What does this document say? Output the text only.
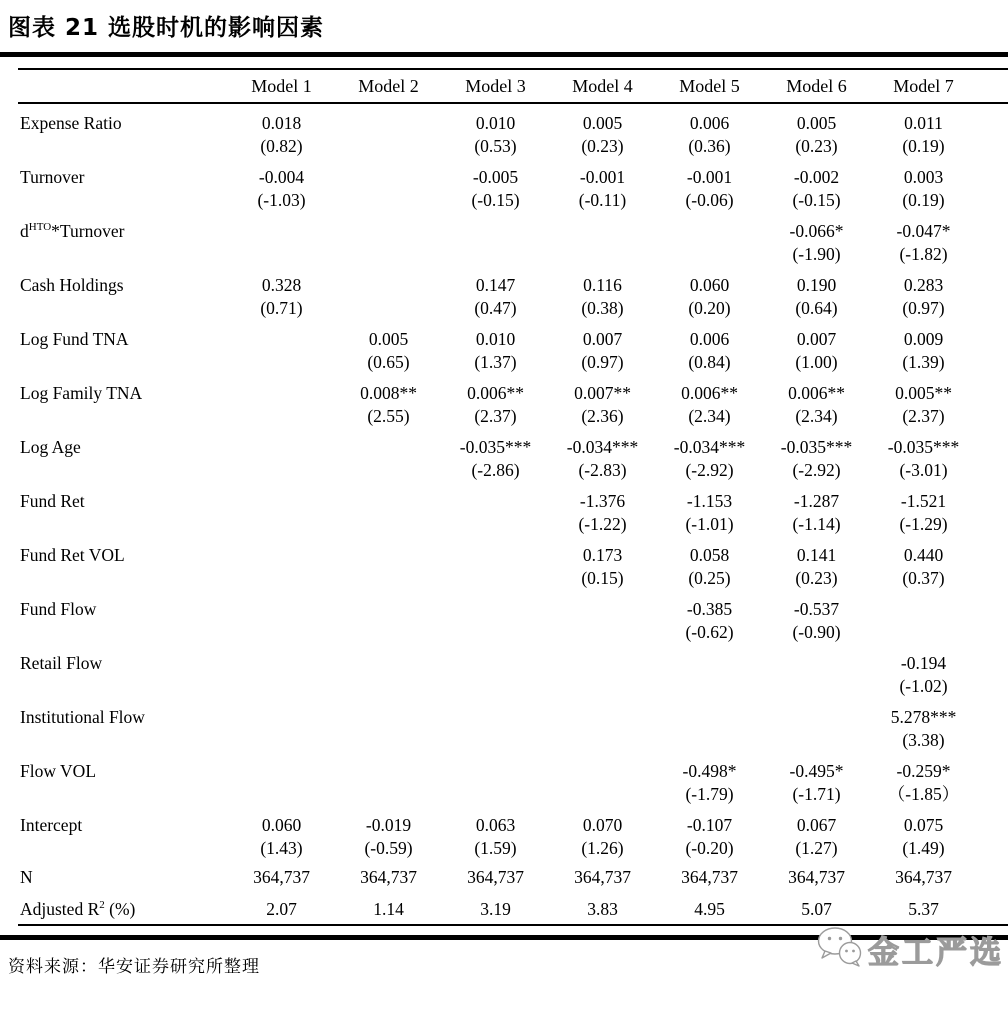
图表 21 选股时机的影响因素
	Model 1	Model 2	Model 3	Model 4	Model 5	Model 6	Model 7	
Expense Ratio	0.018		0.010	0.005	0.006	0.005	0.011	
	(0.82)		(0.53)	(0.23)	(0.36)	(0.23)	(0.19)	
Turnover	-0.004		-0.005	-0.001	-0.001	-0.002	0.003	
	(-1.03)		(-0.15)	(-0.11)	(-0.06)	(-0.15)	(0.19)	
$d^{HTO}*Turnover$						-0.066*	-0.047*	
						(-1.90)	(-1.82)	
Cash Holdings	0.328		0.147	0.116	0.060	0.190	0.283	
	(0.71)		(0.47)	(0.38)	(0.20)	(0.64)	(0.97)	
Log Fund TNA		0.005	0.010	0.007	0.006	0.007	0.009	
		(0.65)	(1.37)	(0.97)	(0.84)	(1.00)	(1.39)	
Log Family TNA		0.008**	0.006**	0.007**	0.006**	0.006**	0.005**	
		(2.55)	(2.37)	(2.36)	(2.34)	(2.34)	(2.37)	
Log Age			-0.035***	-0.034***	-0.034***	-0.035***	-0.035***	
			(-2.86)	(-2.83)	(-2.92)	(-2.92)	(-3.01)	
Fund Ret				-1.376	-1.153	-1.287	-1.521	
				(-1.22)	(-1.01)	(-1.14)	(-1.29)	
Fund Ret VOL				0.173	0.058	0.141	0.440	
				(0.15)	(0.25)	(0.23)	(0.37)	
Fund Flow					-0.385	-0.537		
					(-0.62)	(-0.90)		
Retail Flow							-0.194	
							(-1.02)	
Institutional Flow							5.278***	
							(3.38)	
Flow VOL					-0.498*	-0.495*	-0.259*	
					(-1.79)	(-1.71)	（-1.85）	
Intercept	0.060	-0.019	0.063	0.070	-0.107	0.067	0.075	
	(1.43)	(-0.59)	(1.59)	(1.26)	(-0.20)	(1.27)	(1.49)	
N	364,737	364,737	364,737	364,737	364,737	364,737	364,737	
Adjusted $R^2$ (%)	2.07	1.14	3.19	3.83	4.95	5.07	5.37	
资料来源：华安证券研究所整理	金工严选
